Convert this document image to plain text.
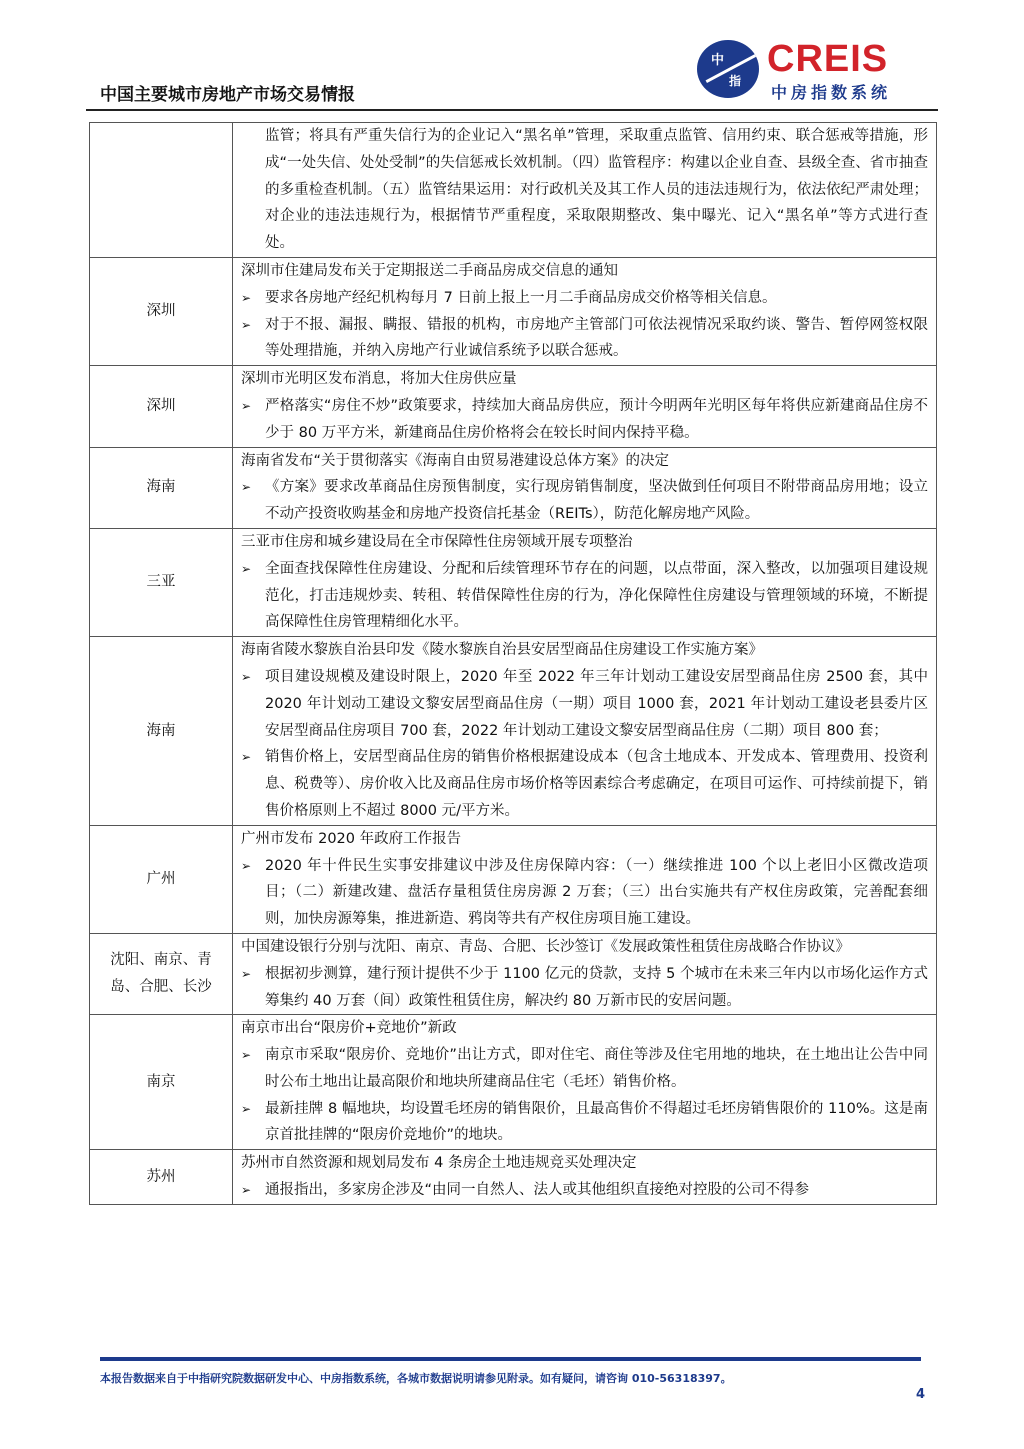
中国主要城市房地产市场交易情报
中
指
CREIS
中房指数系统

	监管；将具有严重失信行为的企业记入“黑名单”管理，采取重点监管、信用约束、联合惩戒等措施，形成“一处失信、处处受制”的失信惩戒长效机制。（四）监管程序：构建以企业自查、县级全查、省市抽查的多重检查机制。（五）监管结果运用：对行政机关及其工作人员的违法违规行为，依法依纪严肃处理；对企业的违法违规行为，根据情节严重程度，采取限期整改、集中曝光、记入“黑名单”等方式进行查处。

深圳	深圳市住建局发布关于定期报送二手商品房成交信息的通知
➢ 要求各房地产经纪机构每月 7 日前上报上一月二手商品房成交价格等相关信息。
➢ 对于不报、漏报、瞒报、错报的机构，市房地产主管部门可依法视情况采取约谈、警告、暂停网签权限等处理措施，并纳入房地产行业诚信系统予以联合惩戒。

深圳	深圳市光明区发布消息，将加大住房供应量
➢ 严格落实“房住不炒”政策要求，持续加大商品房供应，预计今明两年光明区每年将供应新建商品住房不少于 80 万平方米，新建商品住房价格将会在较长时间内保持平稳。

海南	海南省发布“关于贯彻落实《海南自由贸易港建设总体方案》的决定
➢ 《方案》要求改革商品住房预售制度，实行现房销售制度，坚决做到任何项目不附带商品房用地；设立不动产投资收购基金和房地产投资信托基金（REITs），防范化解房地产风险。

三亚	三亚市住房和城乡建设局在全市保障性住房领域开展专项整治
➢ 全面查找保障性住房建设、分配和后续管理环节存在的问题，以点带面，深入整改，以加强项目建设规范化，打击违规炒卖、转租、转借保障性住房的行为，净化保障性住房建设与管理领域的环境，不断提高保障性住房管理精细化水平。

海南	海南省陵水黎族自治县印发《陵水黎族自治县安居型商品住房建设工作实施方案》
➢ 项目建设规模及建设时限上，2020 年至 2022 年三年计划动工建设安居型商品住房 2500 套，其中 2020 年计划动工建设文黎安居型商品住房（一期）项目 1000 套，2021 年计划动工建设老县委片区安居型商品住房项目 700 套，2022 年计划动工建设文黎安居型商品住房（二期）项目 800 套；
➢ 销售价格上，安居型商品住房的销售价格根据建设成本（包含土地成本、开发成本、管理费用、投资利息、税费等）、房价收入比及商品住房市场价格等因素综合考虑确定，在项目可运作、可持续前提下，销售价格原则上不超过 8000 元/平方米。

广州	广州市发布 2020 年政府工作报告
➢ 2020 年十件民生实事安排建议中涉及住房保障内容：（一）继续推进 100 个以上老旧小区微改造项目；（二）新建改建、盘活存量租赁住房房源 2 万套；（三）出台实施共有产权住房政策，完善配套细则，加快房源筹集，推进新造、鸦岗等共有产权住房项目施工建设。

沈阳、南京、青岛、合肥、长沙	中国建设银行分别与沈阳、南京、青岛、合肥、长沙签订《发展政策性租赁住房战略合作协议》
➢ 根据初步测算，建行预计提供不少于 1100 亿元的贷款，支持 5 个城市在未来三年内以市场化运作方式筹集约 40 万套（间）政策性租赁住房，解决约 80 万新市民的安居问题。

南京	南京市出台“限房价+竞地价”新政
➢ 南京市采取“限房价、竞地价”出让方式，即对住宅、商住等涉及住宅用地的地块，在土地出让公告中同时公布土地出让最高限价和地块所建商品住宅（毛坯）销售价格。
➢ 最新挂牌 8 幅地块，均设置毛坯房的销售限价，且最高售价不得超过毛坯房销售限价的 110%。这是南京首批挂牌的“限房价竞地价”的地块。

苏州	苏州市自然资源和规划局发布 4 条房企土地违规竞买处理决定
➢ 通报指出，多家房企涉及“由同一自然人、法人或其他组织直接绝对控股的公司不得参
本报告数据来自于中指研究院数据研发中心、中房指数系统，各城市数据说明请参见附录。如有疑问，请咨询 010-56318397。
4
